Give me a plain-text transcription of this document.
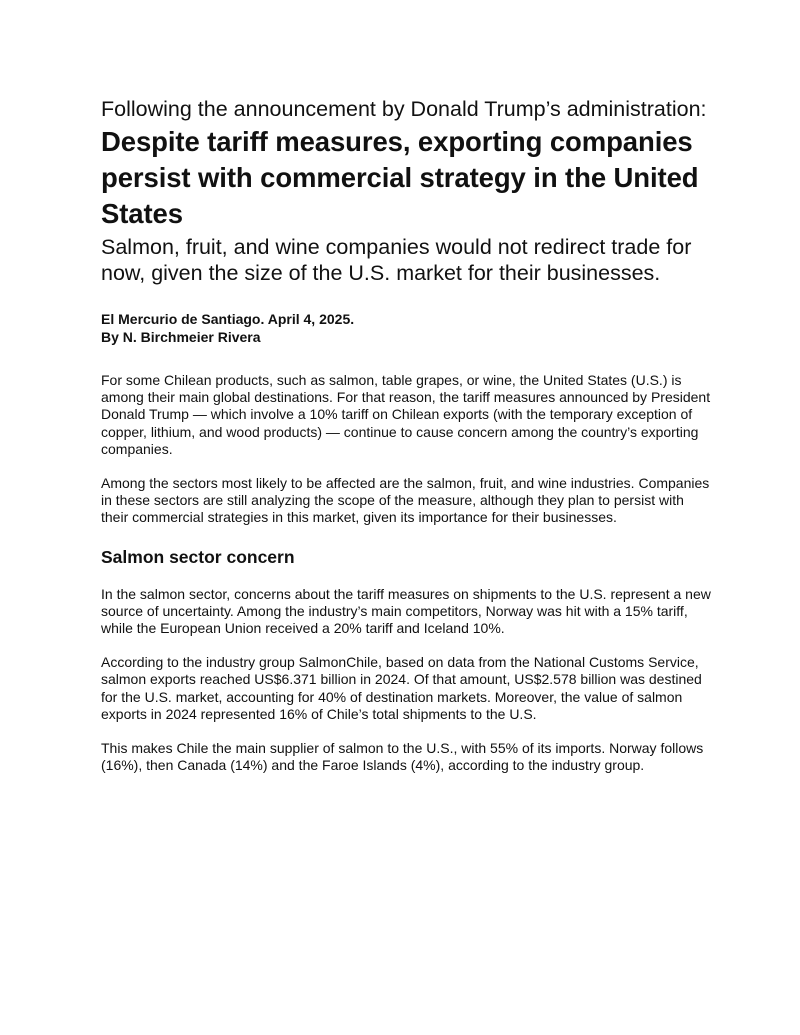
Following the announcement by Donald Trump’s administration:
Despite tariff measures, exporting companies persist with commercial strategy in the United States

Salmon, fruit, and wine companies would not redirect trade for now, given the size of the U.S. market for their businesses.

El Mercurio de Santiago. April 4, 2025.
By N. Birchmeier Rivera

For some Chilean products, such as salmon, table grapes, or wine, the United States (U.S.) is among their main global destinations. For that reason, the tariff measures announced by President Donald Trump — which involve a 10% tariff on Chilean exports (with the temporary exception of copper, lithium, and wood products) — continue to cause concern among the country’s exporting companies.

Among the sectors most likely to be affected are the salmon, fruit, and wine industries. Companies in these sectors are still analyzing the scope of the measure, although they plan to persist with their commercial strategies in this market, given its importance for their businesses.

Salmon sector concern

In the salmon sector, concerns about the tariff measures on shipments to the U.S. represent a new source of uncertainty. Among the industry’s main competitors, Norway was hit with a 15% tariff, while the European Union received a 20% tariff and Iceland 10%.

According to the industry group SalmonChile, based on data from the National Customs Service, salmon exports reached US$6.371 billion in 2024. Of that amount, US$2.578 billion was destined for the U.S. market, accounting for 40% of destination markets. Moreover, the value of salmon exports in 2024 represented 16% of Chile’s total shipments to the U.S.

This makes Chile the main supplier of salmon to the U.S., with 55% of its imports. Norway follows (16%), then Canada (14%) and the Faroe Islands (4%), according to the industry group.
